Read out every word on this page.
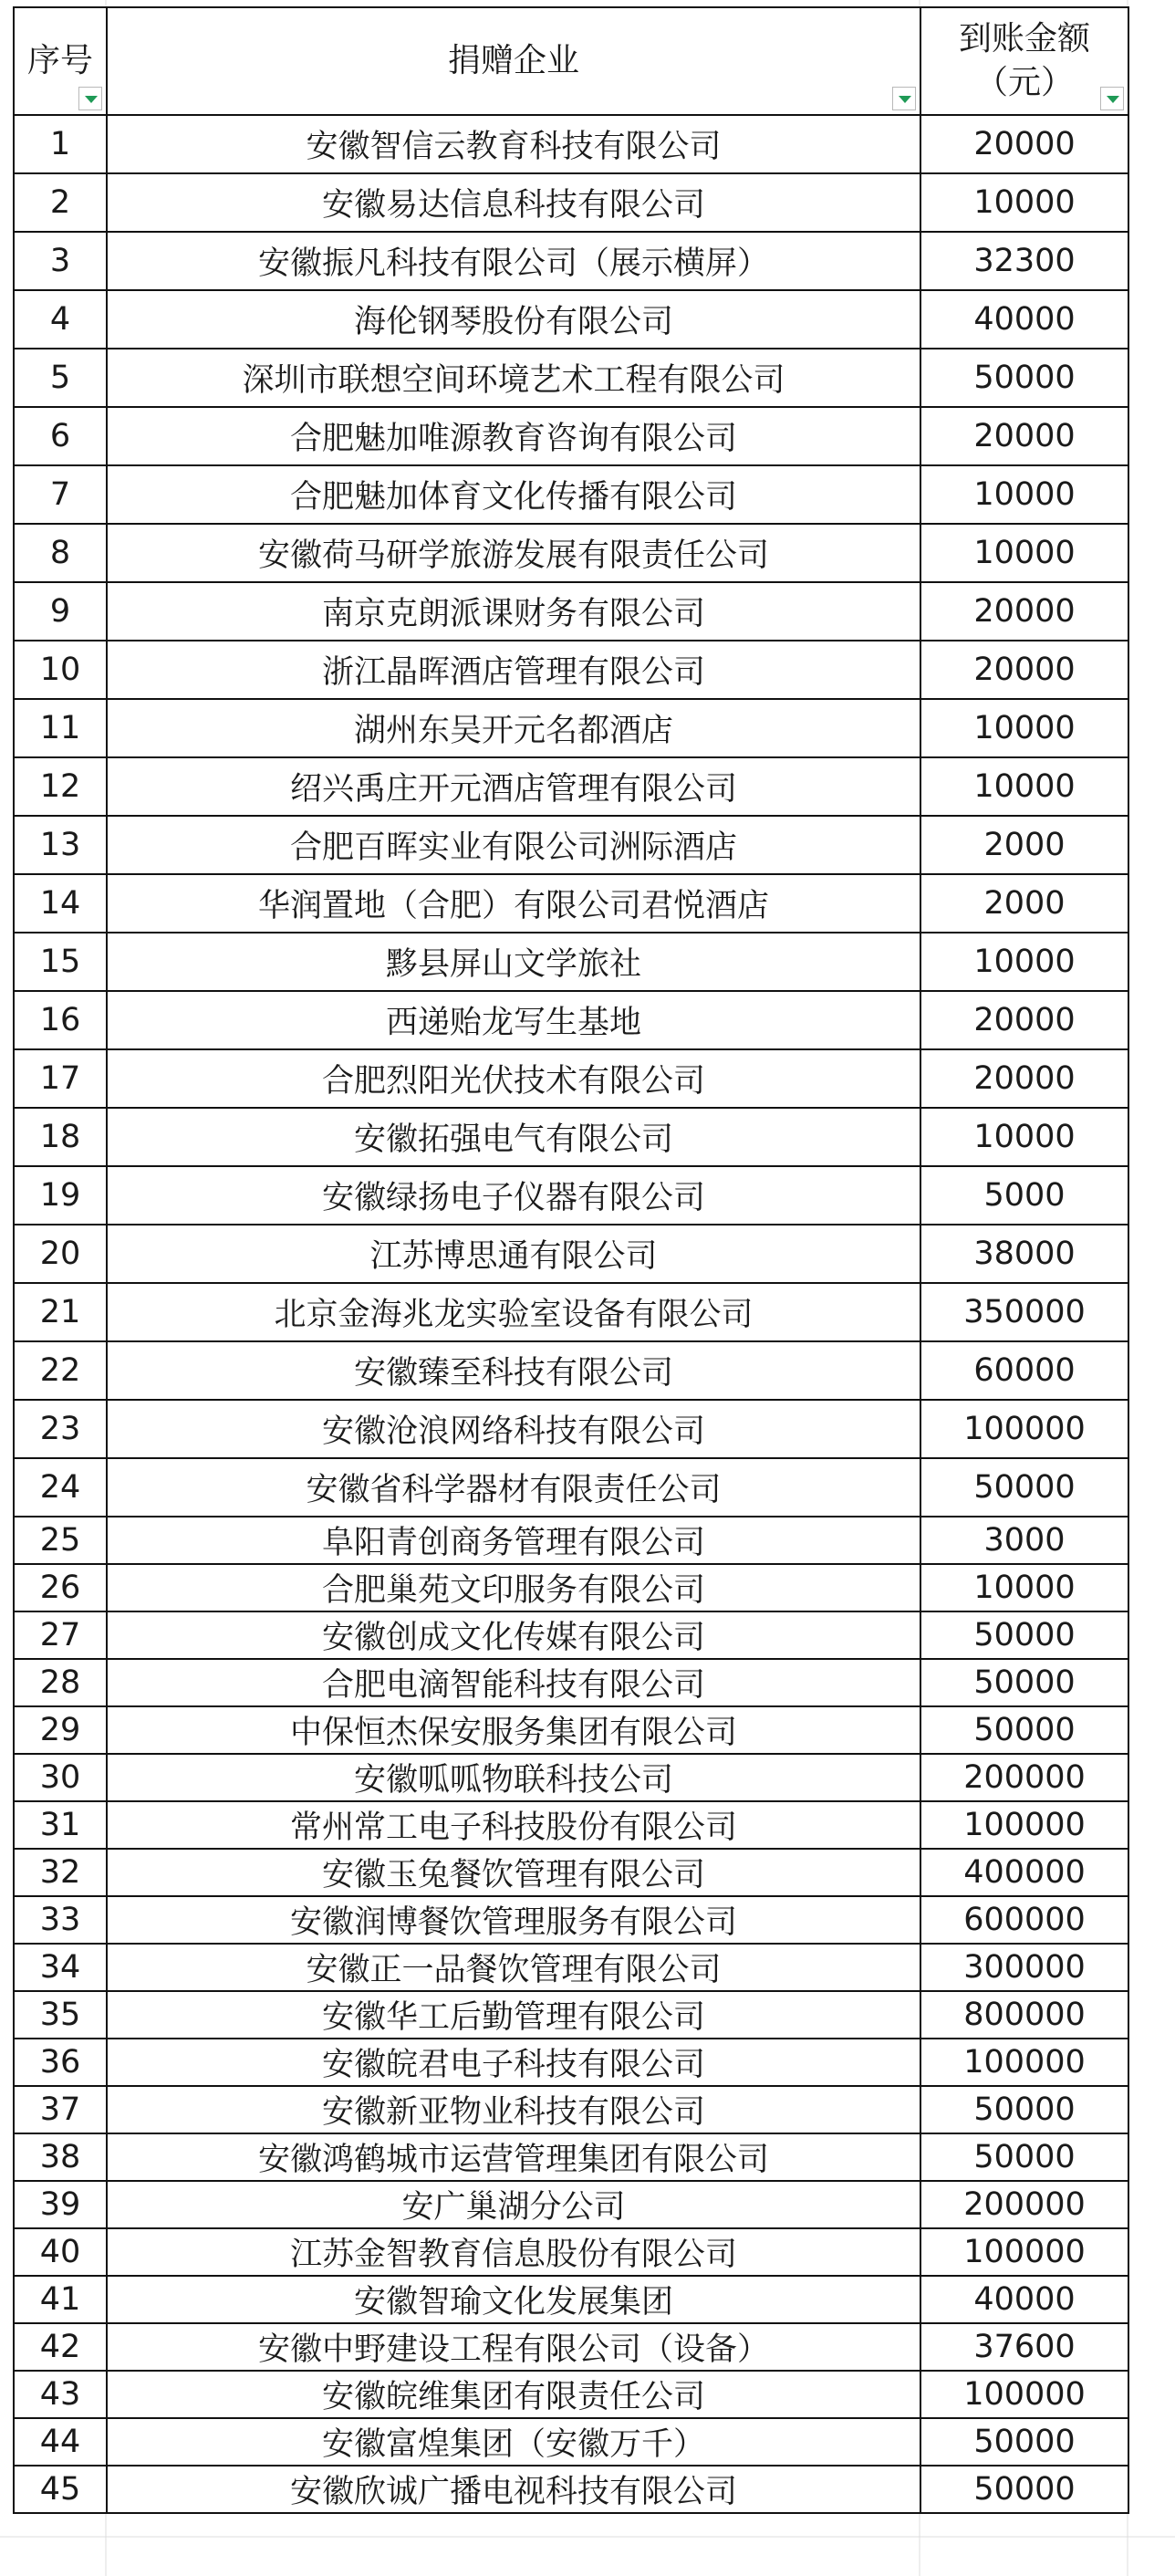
序号	捐赠企业	到账金额
（元）

1	安徽智信云教育科技有限公司	20000
2	安徽易达信息科技有限公司	10000
3	安徽振凡科技有限公司（展示横屏）	32300
4	海伦钢琴股份有限公司	40000
5	深圳市联想空间环境艺术工程有限公司	50000
6	合肥魅加唯源教育咨询有限公司	20000
7	合肥魅加体育文化传播有限公司	10000
8	安徽荷马研学旅游发展有限责任公司	10000
9	南京克朗派课财务有限公司	20000
10	浙江晶晖酒店管理有限公司	20000
11	湖州东吴开元名都酒店	10000
12	绍兴禹庄开元酒店管理有限公司	10000
13	合肥百晖实业有限公司洲际酒店	2000
14	华润置地（合肥）有限公司君悦酒店	2000
15	黟县屏山文学旅社	10000
16	西递贻龙写生基地	20000
17	合肥烈阳光伏技术有限公司	20000
18	安徽拓强电气有限公司	10000
19	安徽绿扬电子仪器有限公司	5000
20	江苏博思通有限公司	38000
21	北京金海兆龙实验室设备有限公司	350000
22	安徽臻至科技有限公司	60000
23	安徽沧浪网络科技有限公司	100000
24	安徽省科学器材有限责任公司	50000
25	阜阳青创商务管理有限公司	3000
26	合肥巢苑文印服务有限公司	10000
27	安徽创成文化传媒有限公司	50000
28	合肥电滴智能科技有限公司	50000
29	中保恒杰保安服务集团有限公司	50000
30	安徽呱呱物联科技公司	200000
31	常州常工电子科技股份有限公司	100000
32	安徽玉兔餐饮管理有限公司	400000
33	安徽润博餐饮管理服务有限公司	600000
34	安徽正一品餐饮管理有限公司	300000
35	安徽华工后勤管理有限公司	800000
36	安徽皖君电子科技有限公司	100000
37	安徽新亚物业科技有限公司	50000
38	安徽鸿鹤城市运营管理集团有限公司	50000
39	安广巢湖分公司	200000
40	江苏金智教育信息股份有限公司	100000
41	安徽智瑜文化发展集团	40000
42	安徽中野建设工程有限公司（设备）	37600
43	安徽皖维集团有限责任公司	100000
44	安徽富煌集团（安徽万千）	50000
45	安徽欣诚广播电视科技有限公司	50000
